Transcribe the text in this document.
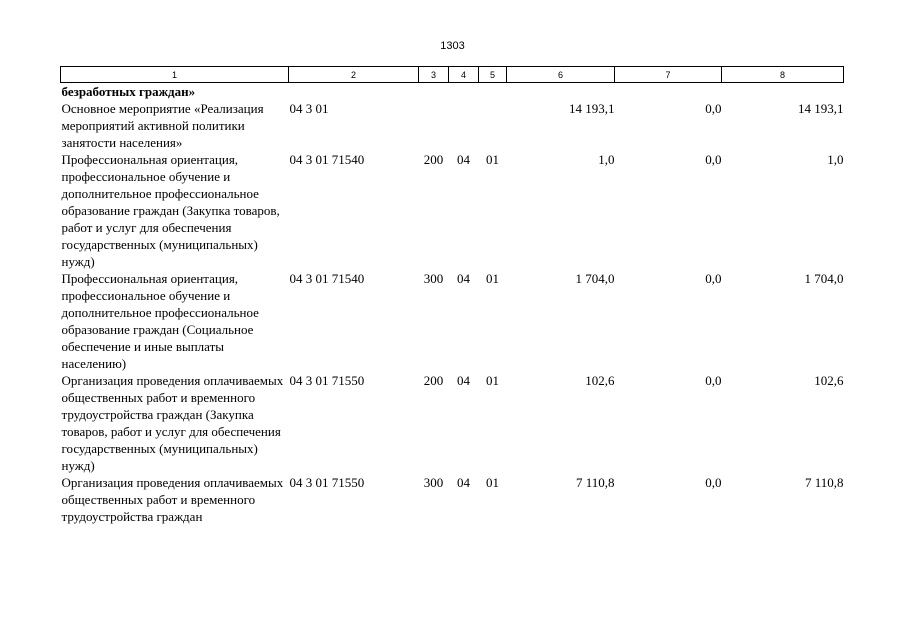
1303
1	2	3	4	5	6	7	8
безработных граждан»							
Основное мероприятие «Реализация мероприятий активной политики занятости населения»	04 3 01				14 193,1	0,0	14 193,1
Профессиональная ориентация, профессиональное обучение и дополнительное профессиональное образование граждан (Закупка товаров, работ и услуг для обеспечения государственных (муниципальных) нужд)	04 3 01 71540	200	04	01	1,0	0,0	1,0
Профессиональная ориентация, профессиональное обучение и дополнительное профессиональное образование граждан (Социальное обеспечение и иные выплаты населению)	04 3 01 71540	300	04	01	1 704,0	0,0	1 704,0
Организация проведения оплачиваемых общественных работ и временного трудоустройства граждан (Закупка товаров, работ и услуг для обеспечения государственных (муниципальных) нужд)	04 3 01 71550	200	04	01	102,6	0,0	102,6
Организация проведения оплачиваемых общественных работ и временного трудоустройства граждан	04 3 01 71550	300	04	01	7 110,8	0,0	7 110,8
